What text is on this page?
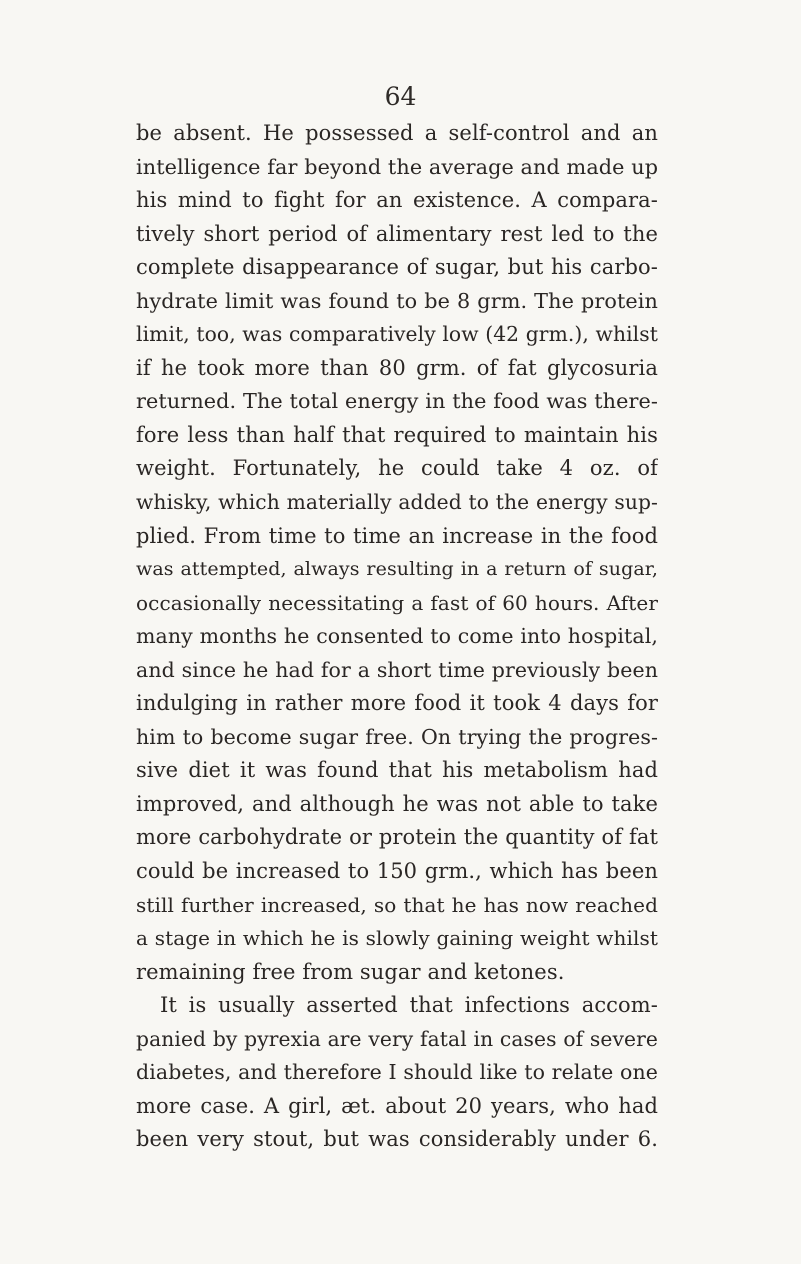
64
be absent. He possessed a self-control and an
intelligence far beyond the average and made up
his mind to fight for an existence. A compara-
tively short period of alimentary rest led to the
complete disappearance of sugar, but his carbo-
hydrate limit was found to be 8 grm. The protein
limit, too, was comparatively low (42 grm.), whilst
if he took more than 80 grm. of fat glycosuria
returned. The total energy in the food was there-
fore less than half that required to maintain his
weight. Fortunately, he could take 4 oz. of
whisky, which materially added to the energy sup-
plied. From time to time an increase in the food
was attempted, always resulting in a return of sugar,
occasionally necessitating a fast of 60 hours. After
many months he consented to come into hospital,
and since he had for a short time previously been
indulging in rather more food it took 4 days for
him to become sugar free. On trying the progres-
sive diet it was found that his metabolism had
improved, and although he was not able to take
more carbohydrate or protein the quantity of fat
could be increased to 150 grm., which has been
still further increased, so that he has now reached
a stage in which he is slowly gaining weight whilst
remaining free from sugar and ketones.
It is usually asserted that infections accom-
panied by pyrexia are very fatal in cases of severe
diabetes, and therefore I should like to relate one
more case. A girl, æt. about 20 years, who had
been very stout, but was considerably under 6.
